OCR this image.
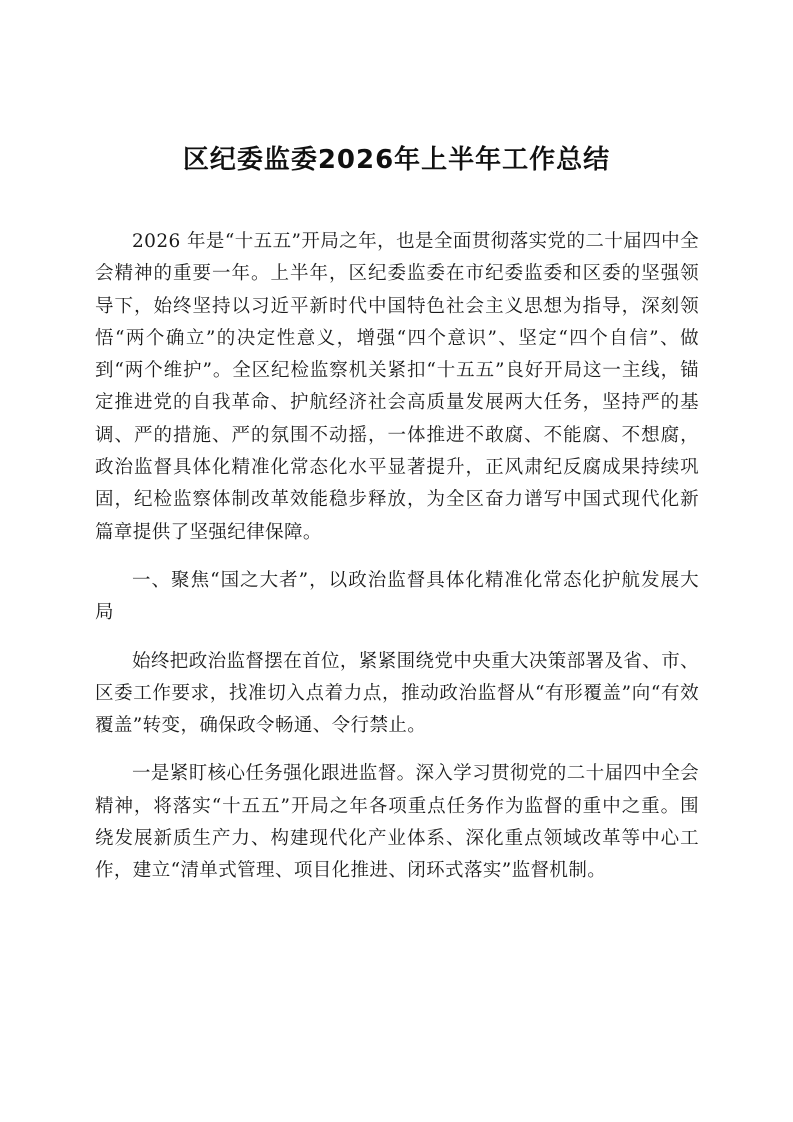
区纪委监委2026年上半年工作总结

2026 年是“十五五”开局之年，也是全面贯彻落实党的二十届四中全会精神的重要一年。上半年，区纪委监委在市纪委监委和区委的坚强领导下，始终坚持以习近平新时代中国特色社会主义思想为指导，深刻领悟“两个确立”的决定性意义，增强“四个意识”、坚定“四个自信”、做到“两个维护”。全区纪检监察机关紧扣“十五五”良好开局这一主线，锚定推进党的自我革命、护航经济社会高质量发展两大任务，坚持严的基调、严的措施、严的氛围不动摇，一体推进不敢腐、不能腐、不想腐，政治监督具体化精准化常态化水平显著提升，正风肃纪反腐成果持续巩固，纪检监察体制改革效能稳步释放，为全区奋力谱写中国式现代化新篇章提供了坚强纪律保障。

一、聚焦“国之大者”，以政治监督具体化精准化常态化护航发展大局

始终把政治监督摆在首位，紧紧围绕党中央重大决策部署及省、市、区委工作要求，找准切入点着力点，推动政治监督从“有形覆盖”向“有效覆盖”转变，确保政令畅通、令行禁止。

一是紧盯核心任务强化跟进监督。深入学习贯彻党的二十届四中全会精神，将落实“十五五”开局之年各项重点任务作为监督的重中之重。围绕发展新质生产力、构建现代化产业体系、深化重点领域改革等中心工作，建立“清单式管理、项目化推进、闭环式落实”监督机制。
